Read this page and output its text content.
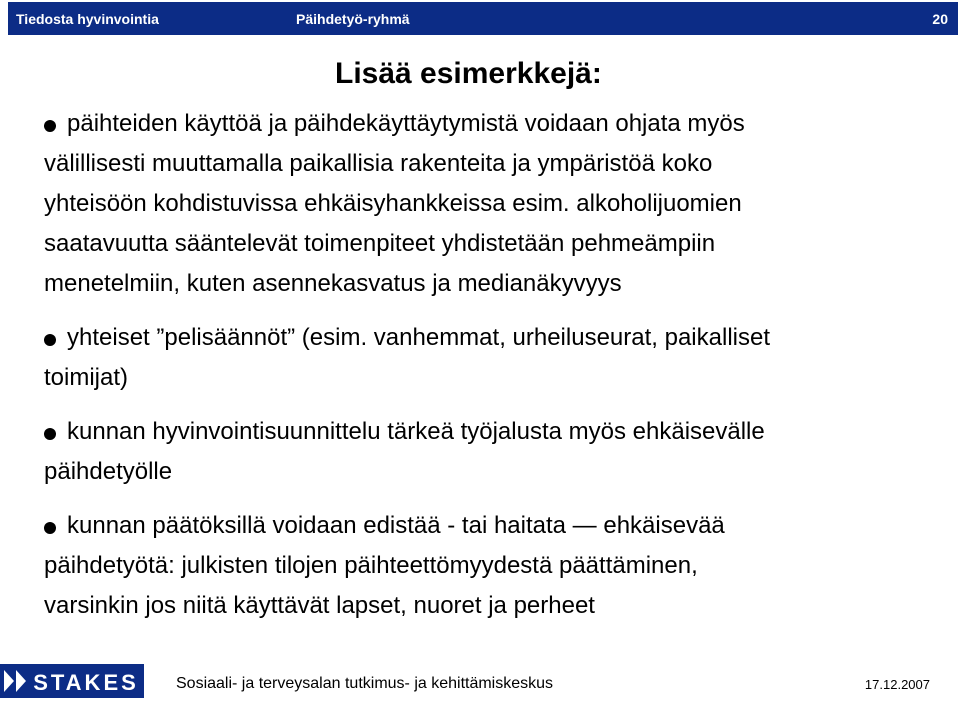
Tiedosta hyvinvointia	Päihdetyö-ryhmä	20
Lisää esimerkkejä:
päihteiden käyttöä ja päihdekäyttäytymistä voidaan ohjata myös
välillisesti muuttamalla paikallisia rakenteita ja ympäristöä koko
yhteisöön kohdistuvissa ehkäisyhankkeissa esim. alkoholijuomien
saatavuutta sääntelevät toimenpiteet yhdistetään pehmeämpiin
menetelmiin, kuten asennekasvatus ja medianäkyvyys
yhteiset ”pelisäännöt” (esim. vanhemmat, urheiluseurat, paikalliset
toimijat)
kunnan hyvinvointisuunnittelu tärkeä työjalusta myös ehkäisevälle
päihdetyölle
kunnan päätöksillä voidaan edistää - tai haitata — ehkäisevää
päihdetyötä: julkisten tilojen päihteettömyydestä päättäminen,
varsinkin jos niitä käyttävät lapset, nuoret ja perheet
STAKES Sosiaali- ja terveysalan tutkimus- ja kehittämiskeskus	17.12.2007
